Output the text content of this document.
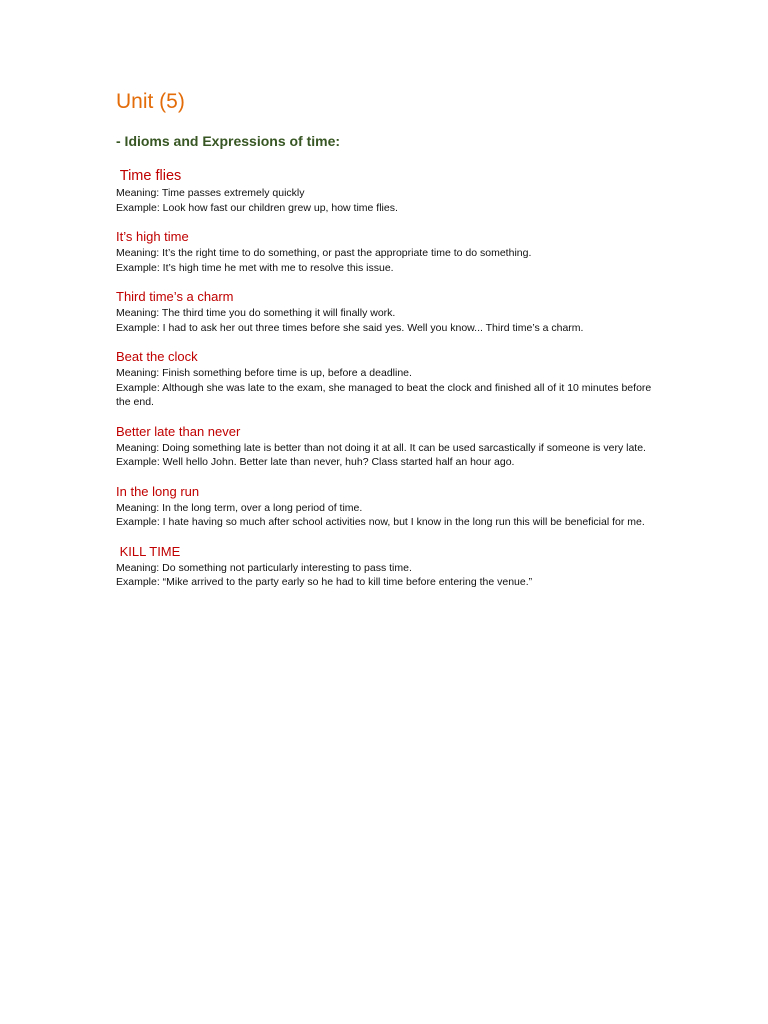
Unit (5)
- Idioms and Expressions of time:
Time flies

Meaning: Time passes extremely quickly

Example: Look how fast our children grew up, how time flies.

It’s high time

Meaning: It’s the right time to do something, or past the appropriate time to do something.

Example: It’s high time he met with me to resolve this issue.

Third time’s a charm

Meaning: The third time you do something it will finally work.

Example: I had to ask her out three times before she said yes. Well you know... Third time’s a charm.

Beat the clock

Meaning: Finish something before time is up, before a deadline.

Example: Although she was late to the exam, she managed to beat the clock and finished all of it 10 minutes before the end.

Better late than never

Meaning: Doing something late is better than not doing it at all. It can be used sarcastically if someone is very late.

Example: Well hello John. Better late than never, huh? Class started half an hour ago.

In the long run

Meaning: In the long term, over a long period of time.

Example: I hate having so much after school activities now, but I know in the long run this will be beneficial for me.

KILL TIME

Meaning: Do something not particularly interesting to pass time.

Example: “Mike arrived to the party early so he had to kill time before entering the venue.”
